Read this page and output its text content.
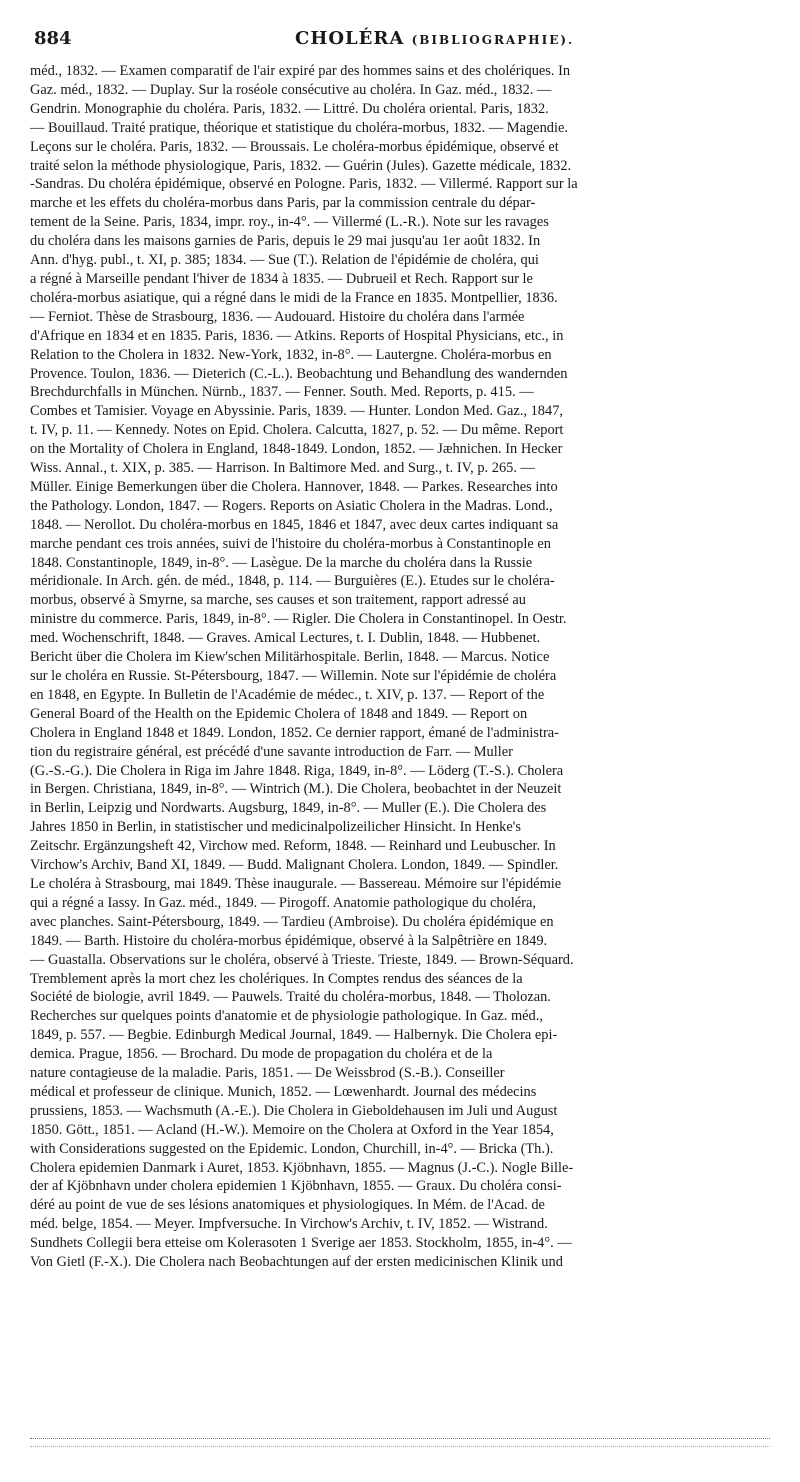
884	CHOLÉRA (BIBLIOGRAPHIE).

méd., 1832. — Examen comparatif de l'air expiré par des hommes sains et des cholériques. In

Gaz. méd., 1832. — Duplay. Sur la roséole consécutive au choléra. In Gaz. méd., 1832. —

Gendrin. Monographie du choléra. Paris, 1832. — Littré. Du choléra oriental. Paris, 1832.

— Bouillaud. Traité pratique, théorique et statistique du choléra-morbus, 1832. — Magendie.

Leçons sur le choléra. Paris, 1832. — Broussais. Le choléra-morbus épidémique, observé et

traité selon la méthode physiologique, Paris, 1832. — Guérin (Jules). Gazette médicale, 1832.

-Sandras. Du choléra épidémique, observé en Pologne. Paris, 1832. — Villermé. Rapport sur la

marche et les effets du choléra-morbus dans Paris, par la commission centrale du dépar-

tement de la Seine. Paris, 1834, impr. roy., in-4°. — Villermé (L.-R.). Note sur les ravages

du choléra dans les maisons garnies de Paris, depuis le 29 mai jusqu'au 1er août 1832. In

Ann. d'hyg. publ., t. XI, p. 385; 1834. — Sue (T.). Relation de l'épidémie de choléra, qui

a régné à Marseille pendant l'hiver de 1834 à 1835. — Dubrueil et Rech. Rapport sur le

choléra-morbus asiatique, qui a régné dans le midi de la France en 1835. Montpellier, 1836.

— Ferniot. Thèse de Strasbourg, 1836. — Audouard. Histoire du choléra dans l'armée

d'Afrique en 1834 et en 1835. Paris, 1836. — Atkins. Reports of Hospital Physicians, etc., in

Relation to the Cholera in 1832. New-York, 1832, in-8°. — Lautergne. Choléra-morbus en

Provence. Toulon, 1836. — Dieterich (C.-L.). Beobachtung und Behandlung des wandernden

Brechdurchfalls in München. Nürnb., 1837. — Fenner. South. Med. Reports, p. 415. —

Combes et Tamisier. Voyage en Abyssinie. Paris, 1839. — Hunter. London Med. Gaz., 1847,

t. IV, p. 11. — Kennedy. Notes on Epid. Cholera. Calcutta, 1827, p. 52. — Du même. Report

on the Mortality of Cholera in England, 1848-1849. London, 1852. — Jæhnichen. In Hecker

Wiss. Annal., t. XIX, p. 385. — Harrison. In Baltimore Med. and Surg., t. IV, p. 265. —

Müller. Einige Bemerkungen über die Cholera. Hannover, 1848. — Parkes. Researches into

the Pathology. London, 1847. — Rogers. Reports on Asiatic Cholera in the Madras. Lond.,

1848. — Nerollot. Du choléra-morbus en 1845, 1846 et 1847, avec deux cartes indiquant sa

marche pendant ces trois années, suivi de l'histoire du choléra-morbus à Constantinople en

1848. Constantinople, 1849, in-8°. — Lasègue. De la marche du choléra dans la Russie

méridionale. In Arch. gén. de méd., 1848, p. 114. — Burguières (E.). Etudes sur le choléra-

morbus, observé à Smyrne, sa marche, ses causes et son traitement, rapport adressé au

ministre du commerce. Paris, 1849, in-8°. — Rigler. Die Cholera in Constantinopel. In Oestr.

med. Wochenschrift, 1848. — Graves. Amical Lectures, t. I. Dublin, 1848. — Hubbenet.

Bericht über die Cholera im Kiew'schen Militärhospitale. Berlin, 1848. — Marcus. Notice

sur le choléra en Russie. St-Pétersbourg, 1847. — Willemin. Note sur l'épidémie de choléra

en 1848, en Egypte. In Bulletin de l'Académie de médec., t. XIV, p. 137. — Report of the

General Board of the Health on the Epidemic Cholera of 1848 and 1849. — Report on

Cholera in England 1848 et 1849. London, 1852. Ce dernier rapport, émané de l'administra-

tion du registraire général, est précédé d'une savante introduction de Farr. — Muller

(G.-S.-G.). Die Cholera in Riga im Jahre 1848. Riga, 1849, in-8°. — Löderg (T.-S.). Cholera

in Bergen. Christiana, 1849, in-8°. — Wintrich (M.). Die Cholera, beobachtet in der Neuzeit

in Berlin, Leipzig und Nordwarts. Augsburg, 1849, in-8°. — Muller (E.). Die Cholera des

Jahres 1850 in Berlin, in statistischer und medicinalpolizeilicher Hinsicht. In Henke's

Zeitschr. Ergänzungsheft 42, Virchow med. Reform, 1848. — Reinhard und Leubuscher. In

Virchow's Archiv, Band XI, 1849. — Budd. Malignant Cholera. London, 1849. — Spindler.

Le choléra à Strasbourg, mai 1849. Thèse inaugurale. — Bassereau. Mémoire sur l'épidémie

qui a régné a Iassy. In Gaz. méd., 1849. — Pirogoff. Anatomie pathologique du choléra,

avec planches. Saint-Pétersbourg, 1849. — Tardieu (Ambroise). Du choléra épidémique en

1849. — Barth. Histoire du choléra-morbus épidémique, observé à la Salpêtrière en 1849.

— Guastalla. Observations sur le choléra, observé à Trieste. Trieste, 1849. — Brown-Séquard.

Tremblement après la mort chez les cholériques. In Comptes rendus des séances de la

Société de biologie, avril 1849. — Pauwels. Traité du choléra-morbus, 1848. — Tholozan.

Recherches sur quelques points d'anatomie et de physiologie pathologique. In Gaz. méd.,

1849, p. 557. — Begbie. Edinburgh Medical Journal, 1849. — Halbernyk. Die Cholera epi-

demica. Prague, 1856. — Brochard. Du mode de propagation du choléra et de la

nature contagieuse de la maladie. Paris, 1851. — De Weissbrod (S.-B.). Conseiller

médical et professeur de clinique. Munich, 1852. — Lœwenhardt. Journal des médecins

prussiens, 1853. — Wachsmuth (A.-E.). Die Cholera in Gieboldehausen im Juli und August

1850. Gött., 1851. — Acland (H.-W.). Memoire on the Cholera at Oxford in the Year 1854,

with Considerations suggested on the Epidemic. London, Churchill, in-4°. — Bricka (Th.).

Cholera epidemien Danmark i Auret, 1853. Kjöbnhavn, 1855. — Magnus (J.-C.). Nogle Bille-

der af Kjöbnhavn under cholera epidemien 1 Kjöbnhavn, 1855. — Graux. Du choléra consi-

déré au point de vue de ses lésions anatomiques et physiologiques. In Mém. de l'Acad. de

méd. belge, 1854. — Meyer. Impfversuche. In Virchow's Archiv, t. IV, 1852. — Wistrand.

Sundhets Collegii bera etteise om Kolerasoten 1 Sverige aer 1853. Stockholm, 1855, in-4°. —

Von Gietl (F.-X.). Die Cholera nach Beobachtungen auf der ersten medicinischen Klinik und
